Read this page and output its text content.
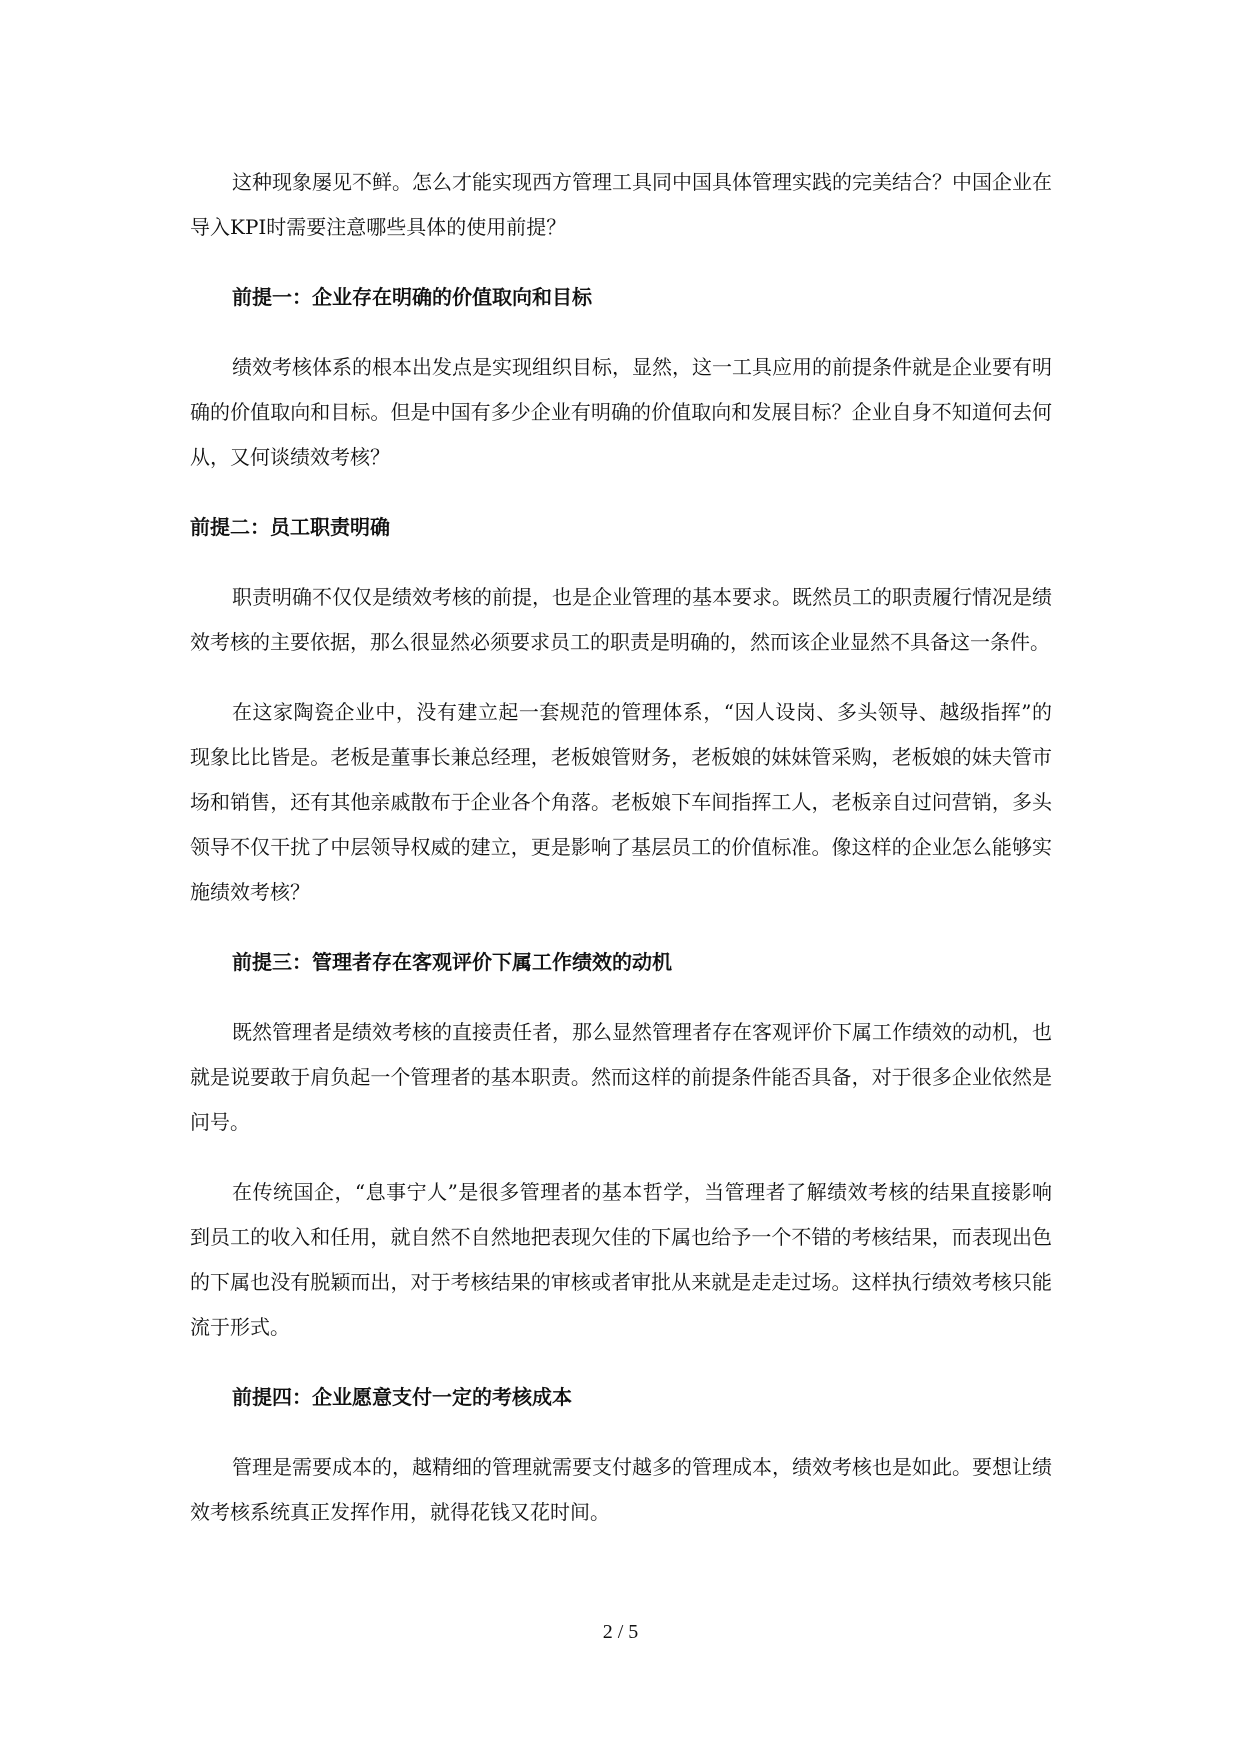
这种现象屡见不鲜。怎么才能实现西方管理工具同中国具体管理实践的完美结合？中国企业在导入KPI时需要注意哪些具体的使用前提？

前提一：企业存在明确的价值取向和目标

绩效考核体系的根本出发点是实现组织目标，显然，这一工具应用的前提条件就是企业要有明确的价值取向和目标。但是中国有多少企业有明确的价值取向和发展目标？企业自身不知道何去何从，又何谈绩效考核？

前提二：员工职责明确

职责明确不仅仅是绩效考核的前提，也是企业管理的基本要求。既然员工的职责履行情况是绩效考核的主要依据，那么很显然必须要求员工的职责是明确的，然而该企业显然不具备这一条件。

在这家陶瓷企业中，没有建立起一套规范的管理体系，“因人设岗、多头领导、越级指挥”的现象比比皆是。老板是董事长兼总经理，老板娘管财务，老板娘的妹妹管采购，老板娘的妹夫管市场和销售，还有其他亲戚散布于企业各个角落。老板娘下车间指挥工人，老板亲自过问营销，多头领导不仅干扰了中层领导权威的建立，更是影响了基层员工的价值标准。像这样的企业怎么能够实施绩效考核？

前提三：管理者存在客观评价下属工作绩效的动机

既然管理者是绩效考核的直接责任者，那么显然管理者存在客观评价下属工作绩效的动机，也就是说要敢于肩负起一个管理者的基本职责。然而这样的前提条件能否具备，对于很多企业依然是问号。

在传统国企，“息事宁人”是很多管理者的基本哲学，当管理者了解绩效考核的结果直接影响到员工的收入和任用，就自然不自然地把表现欠佳的下属也给予一个不错的考核结果，而表现出色的下属也没有脱颖而出，对于考核结果的审核或者审批从来就是走走过场。这样执行绩效考核只能流于形式。

前提四：企业愿意支付一定的考核成本

管理是需要成本的，越精细的管理就需要支付越多的管理成本，绩效考核也是如此。要想让绩效考核系统真正发挥作用，就得花钱又花时间。

2 / 5
